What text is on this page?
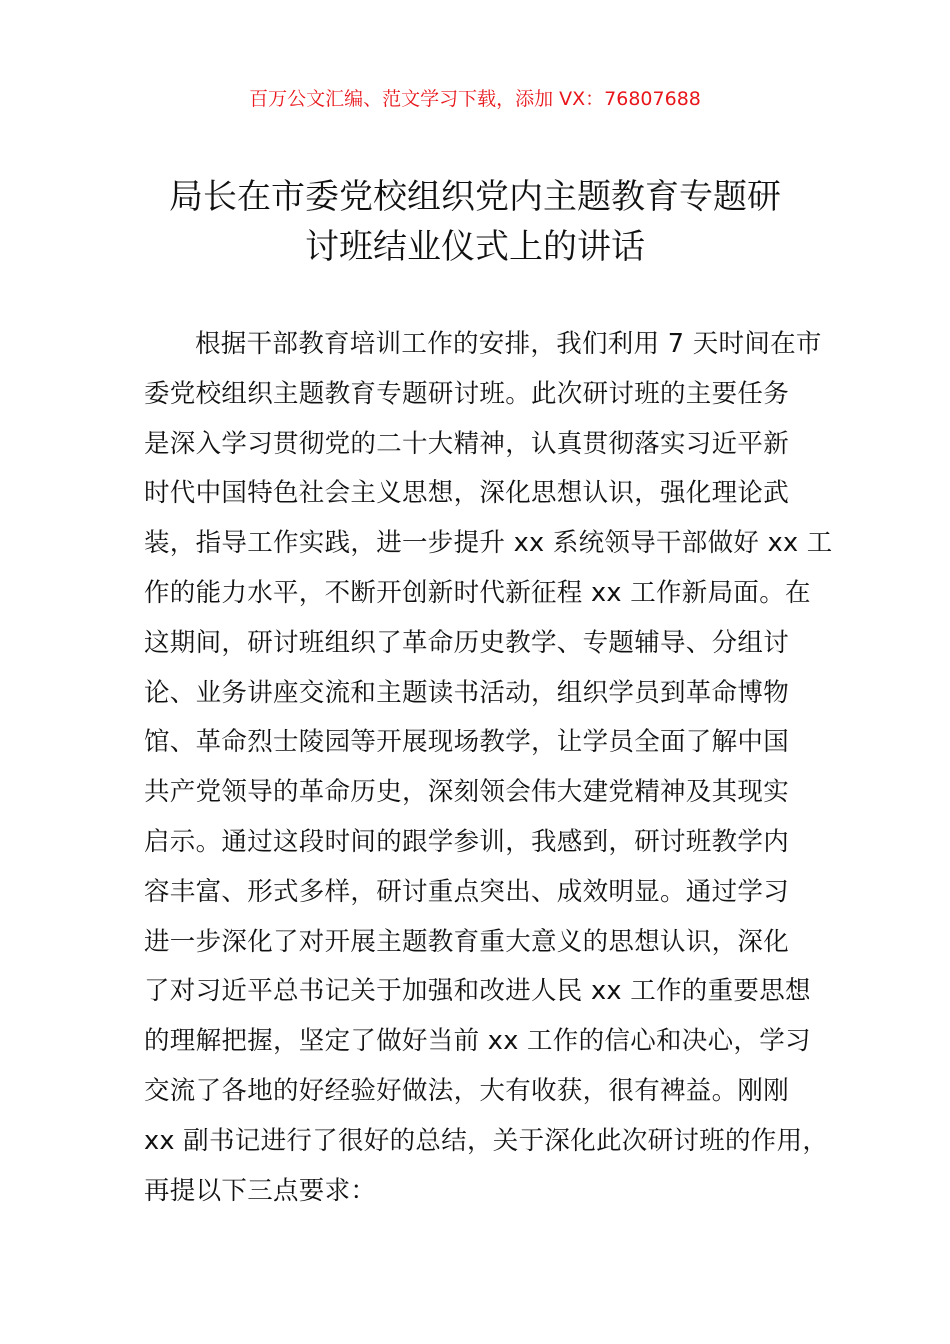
百万公文汇编、范文学习下载，添加 VX：76807688
局长在市委党校组织党内主题教育专题研
讨班结业仪式上的讲话
根据干部教育培训工作的安排，我们利用 7 天时间在市
委党校组织主题教育专题研讨班。此次研讨班的主要任务
是深入学习贯彻党的二十大精神，认真贯彻落实习近平新
时代中国特色社会主义思想，深化思想认识，强化理论武
装，指导工作实践，进一步提升 xx 系统领导干部做好 xx 工
作的能力水平，不断开创新时代新征程 xx 工作新局面。在
这期间，研讨班组织了革命历史教学、专题辅导、分组讨
论、业务讲座交流和主题读书活动，组织学员到革命博物
馆、革命烈士陵园等开展现场教学，让学员全面了解中国
共产党领导的革命历史，深刻领会伟大建党精神及其现实
启示。通过这段时间的跟学参训，我感到，研讨班教学内
容丰富、形式多样，研讨重点突出、成效明显。通过学习
进一步深化了对开展主题教育重大意义的思想认识，深化
了对习近平总书记关于加强和改进人民 xx 工作的重要思想
的理解把握，坚定了做好当前 xx 工作的信心和决心，学习
交流了各地的好经验好做法，大有收获，很有裨益。刚刚
xx 副书记进行了很好的总结，关于深化此次研讨班的作用，
再提以下三点要求：
